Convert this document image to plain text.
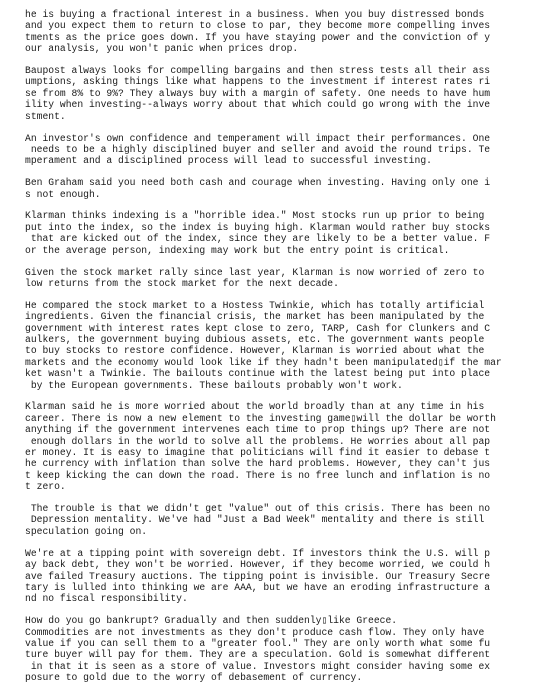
he is buying a fractional interest in a business. When you buy distressed bonds
and you expect them to return to close to par, they become more compelling inves
tments as the price goes down. If you have staying power and the conviction of y
our analysis, you won't panic when prices drop.
Baupost always looks for compelling bargains and then stress tests all their ass
umptions, asking things like what happens to the investment if interest rates ri
se from 8% to 9%? They always buy with a margin of safety. One needs to have hum
ility when investing--always worry about that which could go wrong with the inve
stment.
An investor's own confidence and temperament will impact their performances. One
needs to be a highly disciplined buyer and seller and avoid the round trips. Te
mperament and a disciplined process will lead to successful investing.
Ben Graham said you need both cash and courage when investing. Having only one i
s not enough.
Klarman thinks indexing is a "horrible idea." Most stocks run up prior to being
put into the index, so the index is buying high. Klarman would rather buy stocks
that are kicked out of the index, since they are likely to be a better value. F
or the average person, indexing may work but the entry point is critical.
Given the stock market rally since last year, Klarman is now worried of zero to
low returns from the stock market for the next decade.
He compared the stock market to a Hostess Twinkie, which has totally artificial
ingredients. Given the financial crisis, the market has been manipulated by the
government with interest rates kept close to zero, TARP, Cash for Clunkers and C
aulkers, the government buying dubious assets, etc. The government wants people
to buy stocks to restore confidence. However, Klarman is worried about what the
markets and the economy would look like if they hadn't been manipulated▯if the mar
ket wasn't a Twinkie. The bailouts continue with the latest being put into place
by the European governments. These bailouts probably won't work.
Klarman said he is more worried about the world broadly than at any time in his
career. There is now a new element to the investing game▯will the dollar be worth
anything if the government intervenes each time to prop things up? There are not
enough dollars in the world to solve all the problems. He worries about all pap
er money. It is easy to imagine that politicians will find it easier to debase t
he currency with inflation than solve the hard problems. However, they can't jus
t keep kicking the can down the road. There is no free lunch and inflation is no
t zero.
The trouble is that we didn't get "value" out of this crisis. There has been no
Depression mentality. We've had "Just a Bad Week" mentality and there is still
speculation going on.
We're at a tipping point with sovereign debt. If investors think the U.S. will p
ay back debt, they won't be worried. However, if they become worried, we could h
ave failed Treasury auctions. The tipping point is invisible. Our Treasury Secre
tary is lulled into thinking we are AAA, but we have an eroding infrastructure a
nd no fiscal responsibility.
How do you go bankrupt? Gradually and then suddenly▯like Greece.
Commodities are not investments as they don't produce cash flow. They only have
value if you can sell them to a "greater fool." They are only worth what some fu
ture buyer will pay for them. They are a speculation. Gold is somewhat different
in that it is seen as a store of value. Investors might consider having some ex
posure to gold due to the worry of debasement of currency.
